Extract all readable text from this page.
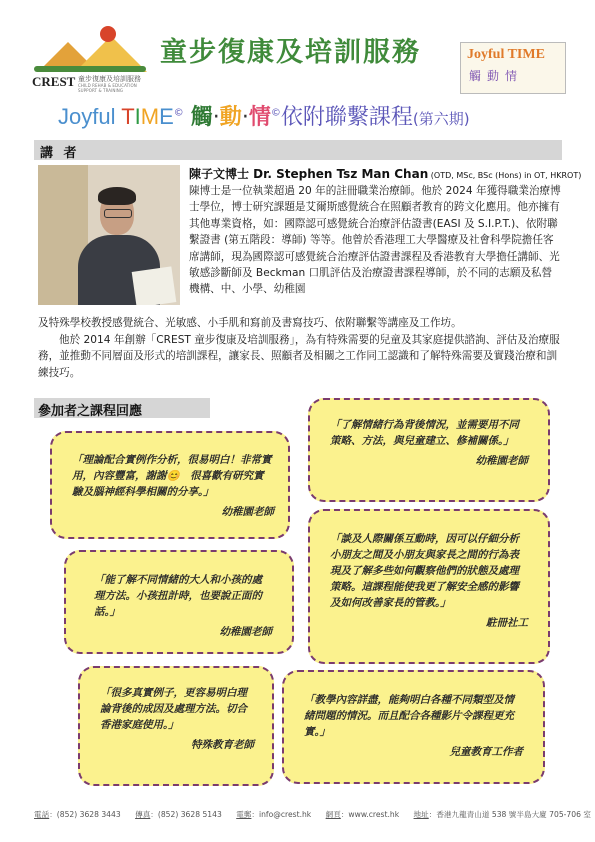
CREST 童步復康及培訓服務
CHILD REHAB & EDUCATION SUPPORT & TRAINING
童步復康及培訓服務	Joyful TIME
觸動情
Joyful TIME© 觸·動·情©依附聯繫課程(第六期)
講 者
陳子文博士 Dr. Stephen Tsz Man Chan (OTD, MSc, BSc (Hons) in OT, HKROT)

陳博士是一位執業超過 20 年的註冊職業治療師。他於 2024 年獲得職業治療博士學位，博士研究課題是艾爾斯感覺統合在照顧者教育的跨文化應用。他亦擁有其他專業資格，如：國際認可感覺統合治療評估證書(EASI 及 S.I.P.T.)、依附聯繫證書 (第五階段：導師) 等等。他曾於香港理工大學醫療及社會科學院擔任客席講師，現為國際認可感覺統合治療評估證書課程及香港教育大學擔任講師、光敏感診斷師及 Beckman 口肌評估及治療證書課程導師，於不同的志願及私營機構、中、小學、幼稚園

及特殊學校教授感覺統合、光敏感、小手肌和寫前及書寫技巧、依附聯繫等講座及工作坊。

他於 2014 年創辦「CREST 童步復康及培訓服務」，為有特殊需要的兒童及其家庭提供諮詢、評估及治療服務，並推動不同層面及形式的培訓課程，讓家長、照顧者及相關之工作同工認識和了解特殊需要及實踐治療和訓練技巧。

參加者之課程回應

「了解情緒行為背後情況，並需要用不同策略、方法，與兒童建立、修補關係。」

幼稚園老師

「理論配合實例作分析，很易明白！非常實用，內容豐富，謝謝😊　很喜歡有研究實驗及腦神經科學相關的分享。」

幼稚園老師

「談及人際關係互動時，因可以仔細分析小朋友之間及小朋友與家長之間的行為表現及了解多些如何觀察他們的狀態及處理策略。這課程能使我更了解安全感的影響及如何改善家長的管教。」

駐冊社工

「能了解不同情緒的大人和小孩的處理方法。小孩扭計時，也要說正面的話。」

幼稚園老師

「很多真實例子，更容易明白理論背後的成因及處理方法。切合香港家庭使用。」

特殊教育老師

「教學內容詳盡，能夠明白各種不同類型及情緒問題的情況。而且配合各種影片令課程更充實。」

兒童教育工作者

電話：(852) 3628 3443 傳真：(852) 3628 5143 電郵：info@crest.hk 網頁：www.crest.hk 地址：香港九龍青山道 538 號半島大廈 705-706 室
